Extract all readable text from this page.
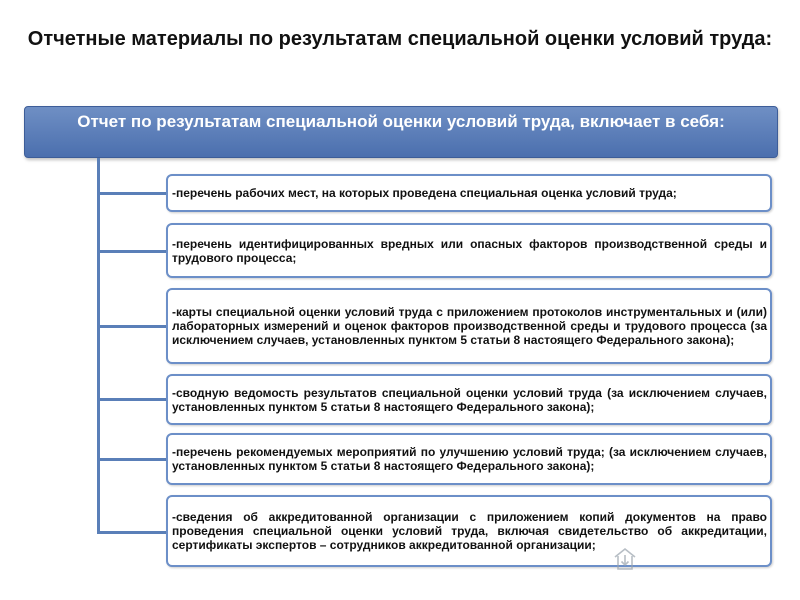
Отчетные материалы по результатам специальной оценки условий труда:
Отчет по результатам специальной оценки условий труда, включает в себя:
-перечень рабочих мест, на которых проведена специальная оценка условий труда;
-перечень идентифицированных вредных или опасных факторов производственной среды и трудового процесса;
-карты специальной оценки условий труда с приложением протоколов инструментальных и (или) лабораторных измерений и оценок факторов производственной среды и трудового процесса (за исключением случаев, установленных пунктом 5 статьи 8 настоящего Федерального закона);
-сводную ведомость результатов специальной оценки условий труда (за исключением случаев, установленных пунктом 5 статьи 8 настоящего Федерального закона);
-перечень рекомендуемых мероприятий по улучшению условий труда; (за исключением случаев, установленных пунктом 5 статьи 8 настоящего Федерального закона);
-сведения об аккредитованной организации с приложением копий документов на право проведения специальной оценки условий труда, включая свидетельство об аккредитации, сертификаты экспертов – сотрудников аккредитованной организации;
